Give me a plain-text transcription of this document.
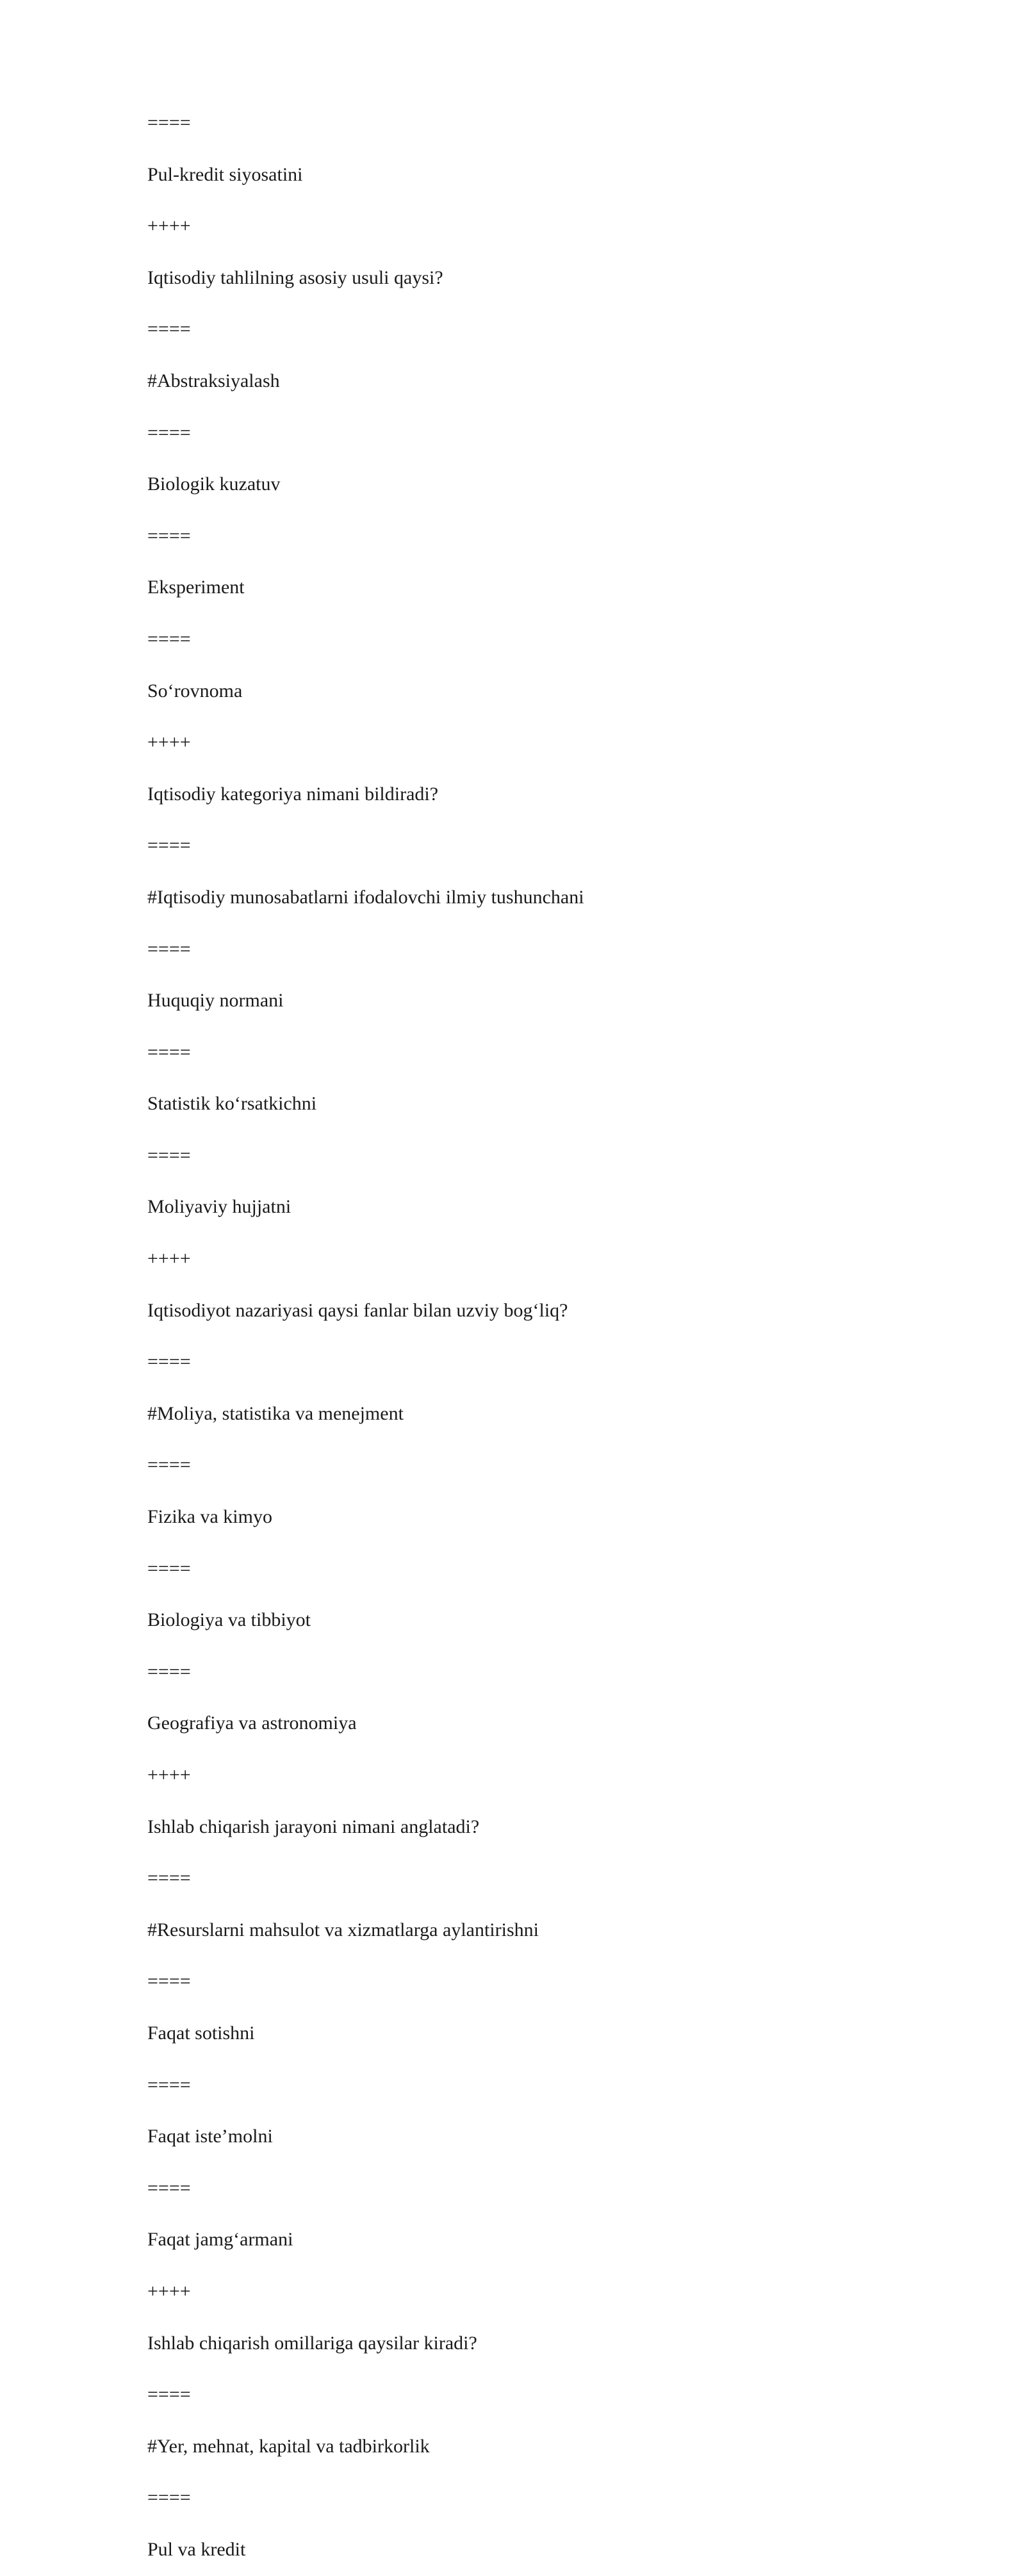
====
Pul-kredit siyosatini
++++
Iqtisodiy tahlilning asosiy usuli qaysi?
====
#Abstraksiyalash
====
Biologik kuzatuv
====
Eksperiment
====
So‘rovnoma
++++
Iqtisodiy kategoriya nimani bildiradi?
====
#Iqtisodiy munosabatlarni ifodalovchi ilmiy tushunchani
====
Huquqiy normani
====
Statistik ko‘rsatkichni
====
Moliyaviy hujjatni
++++
Iqtisodiyot nazariyasi qaysi fanlar bilan uzviy bog‘liq?
====
#Moliya, statistika va menejment
====
Fizika va kimyo
====
Biologiya va tibbiyot
====
Geografiya va astronomiya
++++
Ishlab chiqarish jarayoni nimani anglatadi?
====
#Resurslarni mahsulot va xizmatlarga aylantirishni
====
Faqat sotishni
====
Faqat iste’molni
====
Faqat jamg‘armani
++++
Ishlab chiqarish omillariga qaysilar kiradi?
====
#Yer, mehnat, kapital va tadbirkorlik
====
Pul va kredit
